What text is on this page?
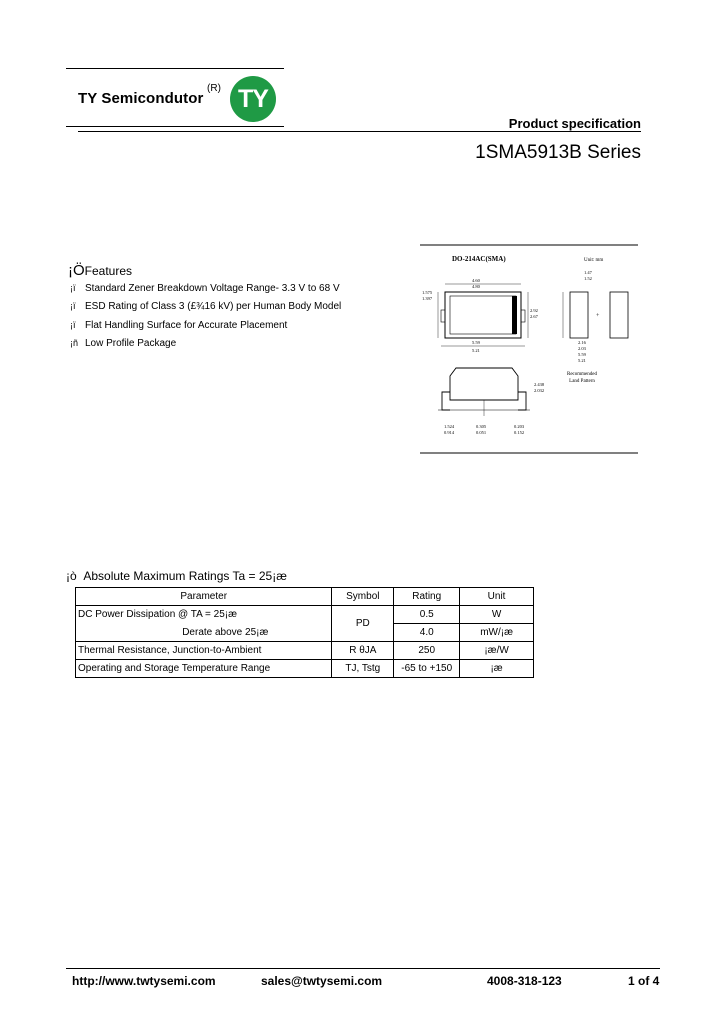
TY Semicondutor
(R) TY
Product specification
1SMA5913B Series
¡ÖFeatures
¡ï Standard Zener Breakdown Voltage Range- 3.3 V to 68 V
¡ï ESD Rating of Class 3 (£¾16 kV) per Human Body Model
¡ï Flat Handling Surface for Accurate Placement
¡ñ Low Profile Package
DO-214AC(SMA)	Unit: mm
4.60
4.80
1.575
1.397
2.92
2.67
5.59
5.21
1.47
1.52
+
2.16
2.03
5.59
5.21
Recommended
Land Pattern
2.438
2.032
1.524
0.914
0.305
0.051
0.203
0.152
¡ò Absolute Maximum Ratings Ta = 25¡æ
Parameter	Symbol	Rating	Unit
DC Power Dissipation @ TA = 25¡æ	PD	0.5	W
Derate above 25¡æ		4.0	mW/¡æ
Thermal Resistance, Junction-to-Ambient	R θJA	250	¡æ/W
Operating and Storage Temperature Range	TJ, Tstg	-65 to +150	¡æ
http://www.twtysemi.com	sales@twtysemi.com	4008-318-123	1 of 4
